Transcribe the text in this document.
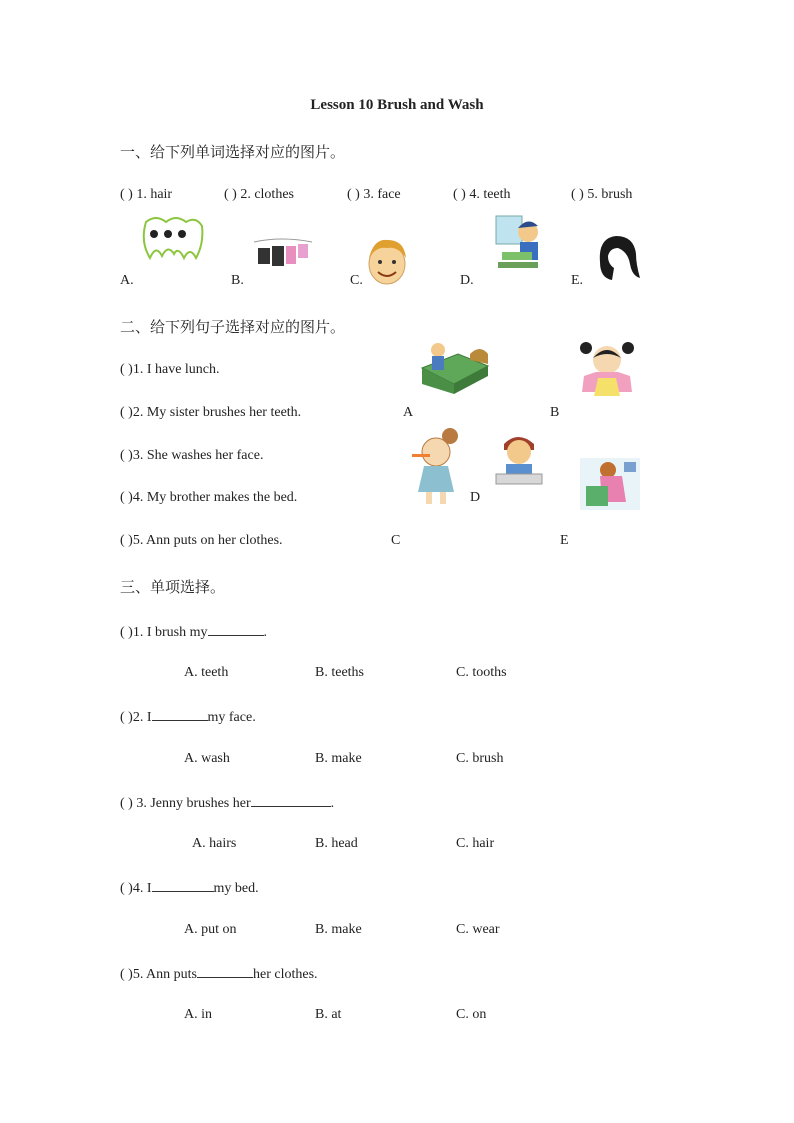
Lesson 10 Brush and Wash
一、给下列单词选择对应的图片。
( ) 1. hair	( ) 2. clothes	( ) 3. face	( ) 4. teeth	( ) 5. brush
A.	B.	C.	D.	E.
二、给下列句子选择对应的图片。
( )1. I have lunch.
( )2. My sister brushes her teeth.
( )3. She washes her face.
( )4. My brother makes the bed.
( )5. Ann puts on her clothes.
A	B
D
C	E
三、单项选择。
( )1. I brush my	.
A. teeth	B. teeths	C. tooths
( )2. I	my face.
A. wash	B. make	C. brush
( ) 3. Jenny brushes her	.
A. hairs	B. head	C. hair
( )4. I	my bed.
A. put on	B. make	C. wear
( )5. Ann puts	her clothes.
A. in	B. at	C. on
